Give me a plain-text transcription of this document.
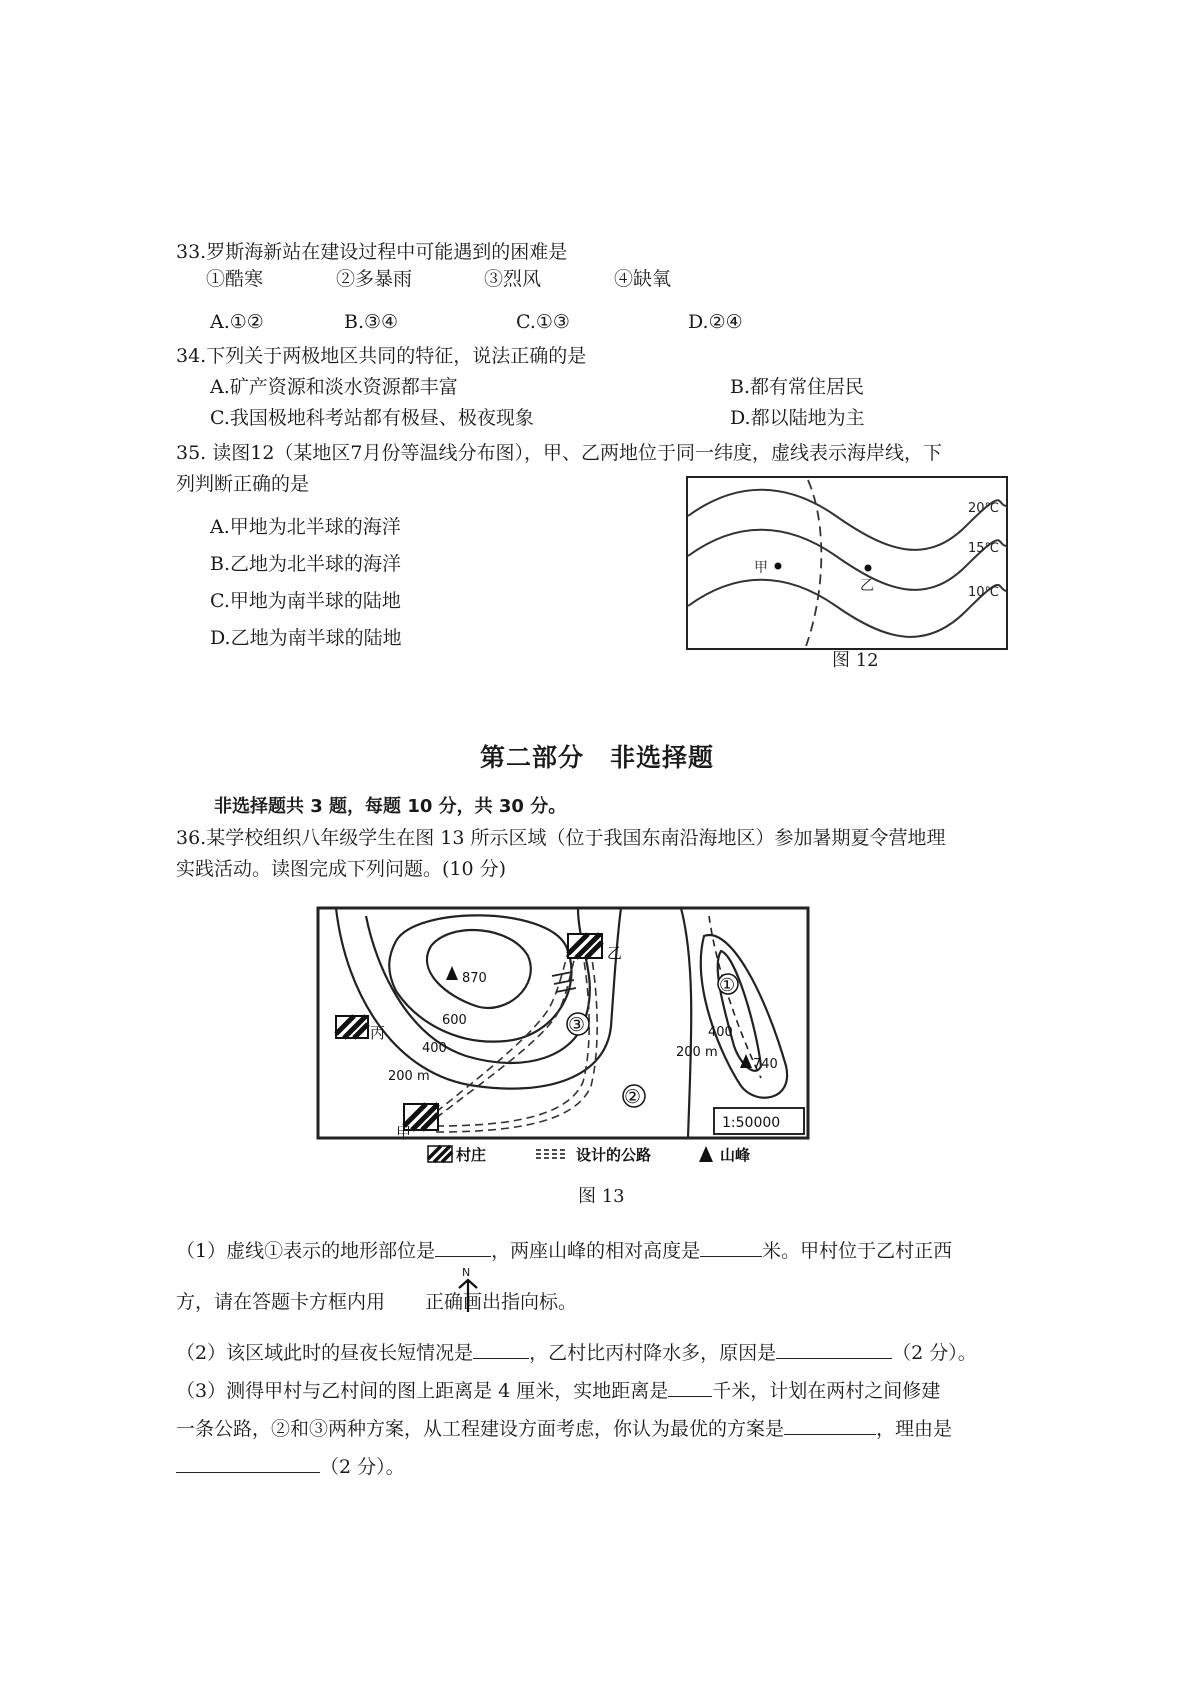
33.罗斯海新站在建设过程中可能遇到的困难是
①酷寒	②多暴雨	③烈风	④缺氧
A.①②	B.③④	C.①③	D.②④
34.下列关于两极地区共同的特征，说法正确的是
A.矿产资源和淡水资源都丰富	B.都有常住居民
C.我国极地科考站都有极昼、极夜现象	D.都以陆地为主
35. 读图12（某地区7月份等温线分布图），甲、乙两地位于同一纬度，虚线表示海岸线，下
列判断正确的是
A.甲地为北半球的海洋
B.乙地为北半球的海洋
C.甲地为南半球的陆地
D.乙地为南半球的陆地
20℃
15℃
10℃
甲
乙
图 12
第二部分　非选择题
非选择题共 3 题，每题 10 分，共 30 分。
36.某学校组织八年级学生在图 13 所示区域（位于我国东南沿海地区）参加暑期夏令营地理
实践活动。读图完成下列问题。(10 分)
870
600
400
200 m
400
200 m
740
甲
乙
丙
①
②
③
1:50000
村庄	设计的公路	山峰
图 13
（1）虚线①表示的地形部位是	，两座山峰的相对高度是	米。甲村位于乙村正西
方，请在答题卡方框内用 正确画出指向标。
N
（2）该区域此时的昼夜长短情况是	，乙村比丙村降水多，原因是	（2 分）。
（3）测得甲村与乙村间的图上距离是 4 厘米，实地距离是 千米，计划在两村之间修建
一条公路，②和③两种方案，从工程建设方面考虑，你认为最优的方案是	，理由是
（2 分）。
